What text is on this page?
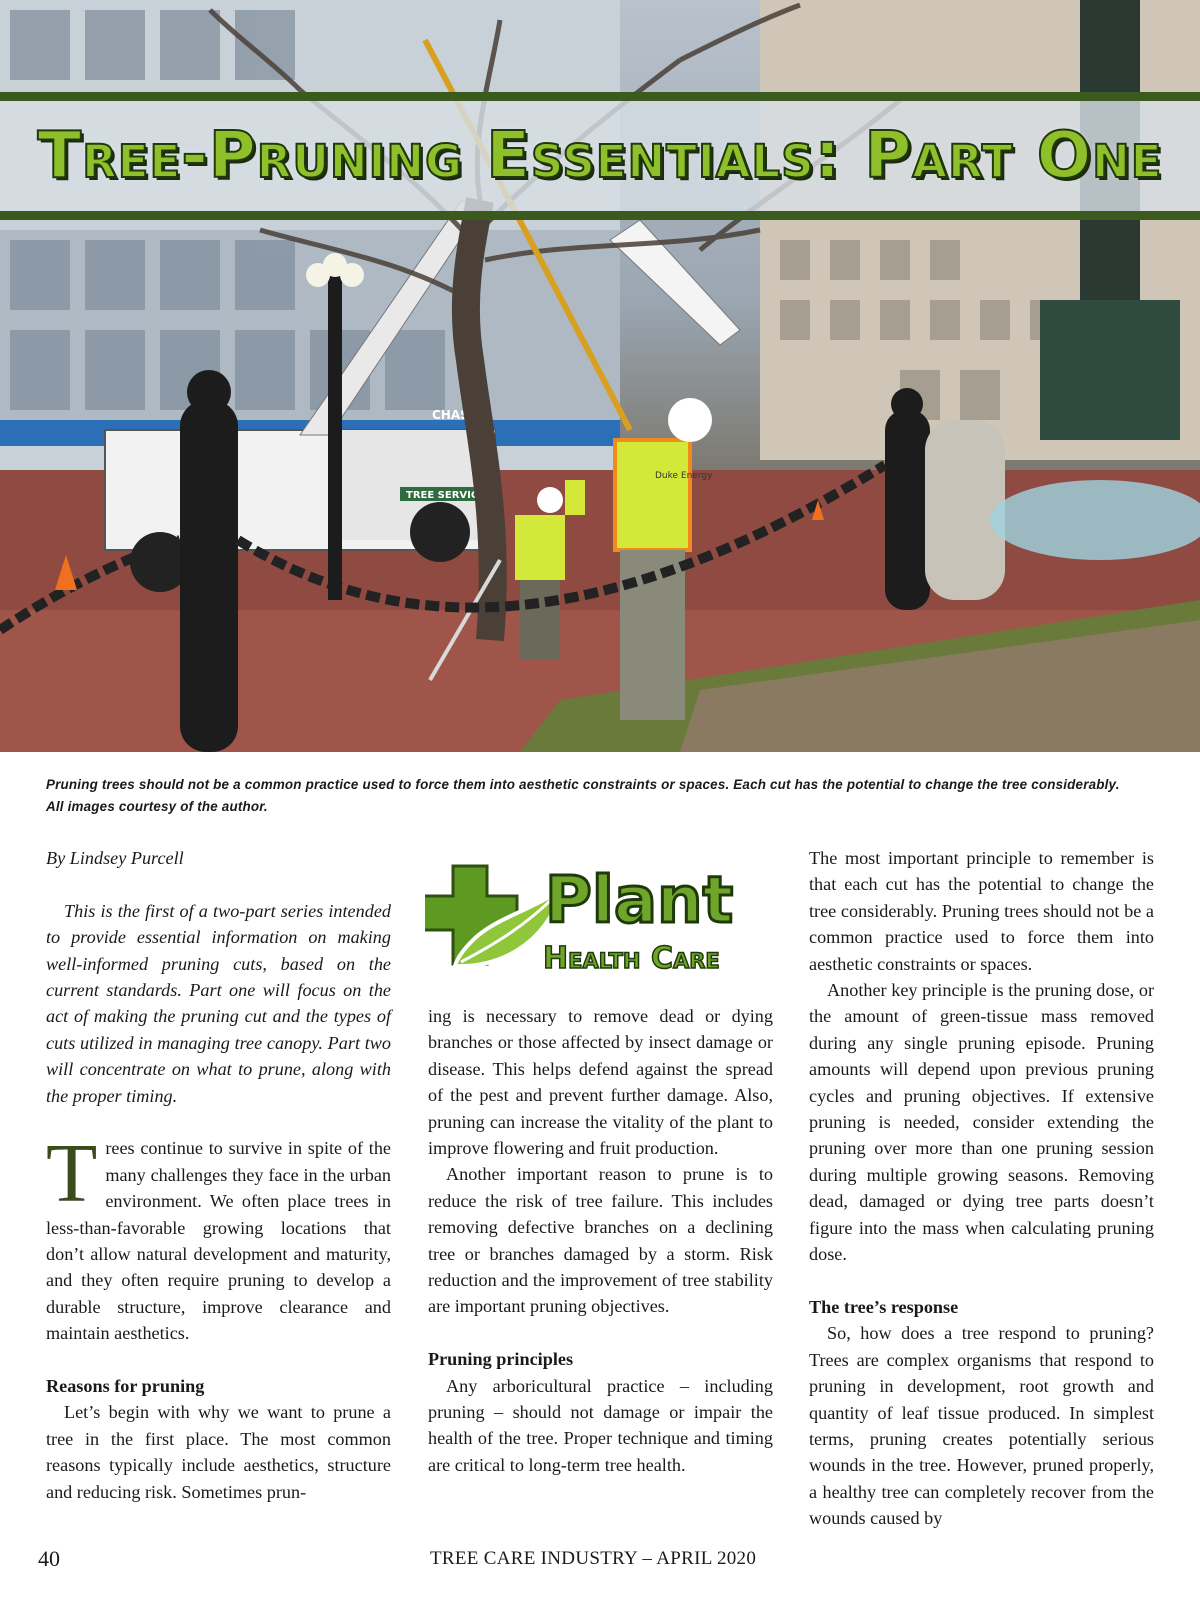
CHASE
TREE SERVICE
Duke Energy
Tree-Pruning Essentials: Part One
Pruning trees should not be a common practice used to force them into aesthetic constraints or spaces. Each cut has the potential to change the tree considerably.
All images courtesy of the author.

By Lindsey Purcell

This is the first of a two-part series intended to provide essential information on making well-informed pruning cuts, based on the current standards. Part one will focus on the act of making the pruning cut and the types of cuts utilized in managing tree canopy. Part two will concentrate on what to prune, along with the proper timing.

Trees continue to survive in spite of the many challenges they face in the urban environment. We often place trees in less-than-favorable growing locations that don’t allow natural development and maturity, and they often require pruning to develop a durable structure, improve clearance and maintain aesthetics.

Reasons for pruning

Let’s begin with why we want to prune a tree in the first place. The most common reasons typically include aesthetics, structure and reducing risk. Sometimes prun-

Plant
Health Care

ing is necessary to remove dead or dying branches or those affected by insect damage or disease. This helps defend against the spread of the pest and prevent further damage. Also, pruning can increase the vitality of the plant to improve flowering and fruit production.

Another important reason to prune is to reduce the risk of tree failure. This includes removing defective branches on a declining tree or branches damaged by a storm. Risk reduction and the improvement of tree stability are important pruning objectives.

Pruning principles

Any arboricultural practice – including pruning – should not damage or impair the health of the tree. Proper technique and timing are critical to long-term tree health.

The most important principle to remember is that each cut has the potential to change the tree considerably. Pruning trees should not be a common practice used to force them into aesthetic constraints or spaces.

Another key principle is the pruning dose, or the amount of green-tissue mass removed during any single pruning episode. Pruning amounts will depend upon previous pruning cycles and pruning objectives. If extensive pruning is needed, consider extending the pruning over more than one pruning session during multiple growing seasons. Removing dead, damaged or dying tree parts doesn’t figure into the mass when calculating pruning dose.

The tree’s response

So, how does a tree respond to pruning? Trees are complex organisms that respond to pruning in development, root growth and quantity of leaf tissue produced. In simplest terms, pruning creates potentially serious wounds in the tree. However, pruned properly, a healthy tree can completely recover from the wounds caused by

40	TREE CARE INDUSTRY – APRIL 2020
